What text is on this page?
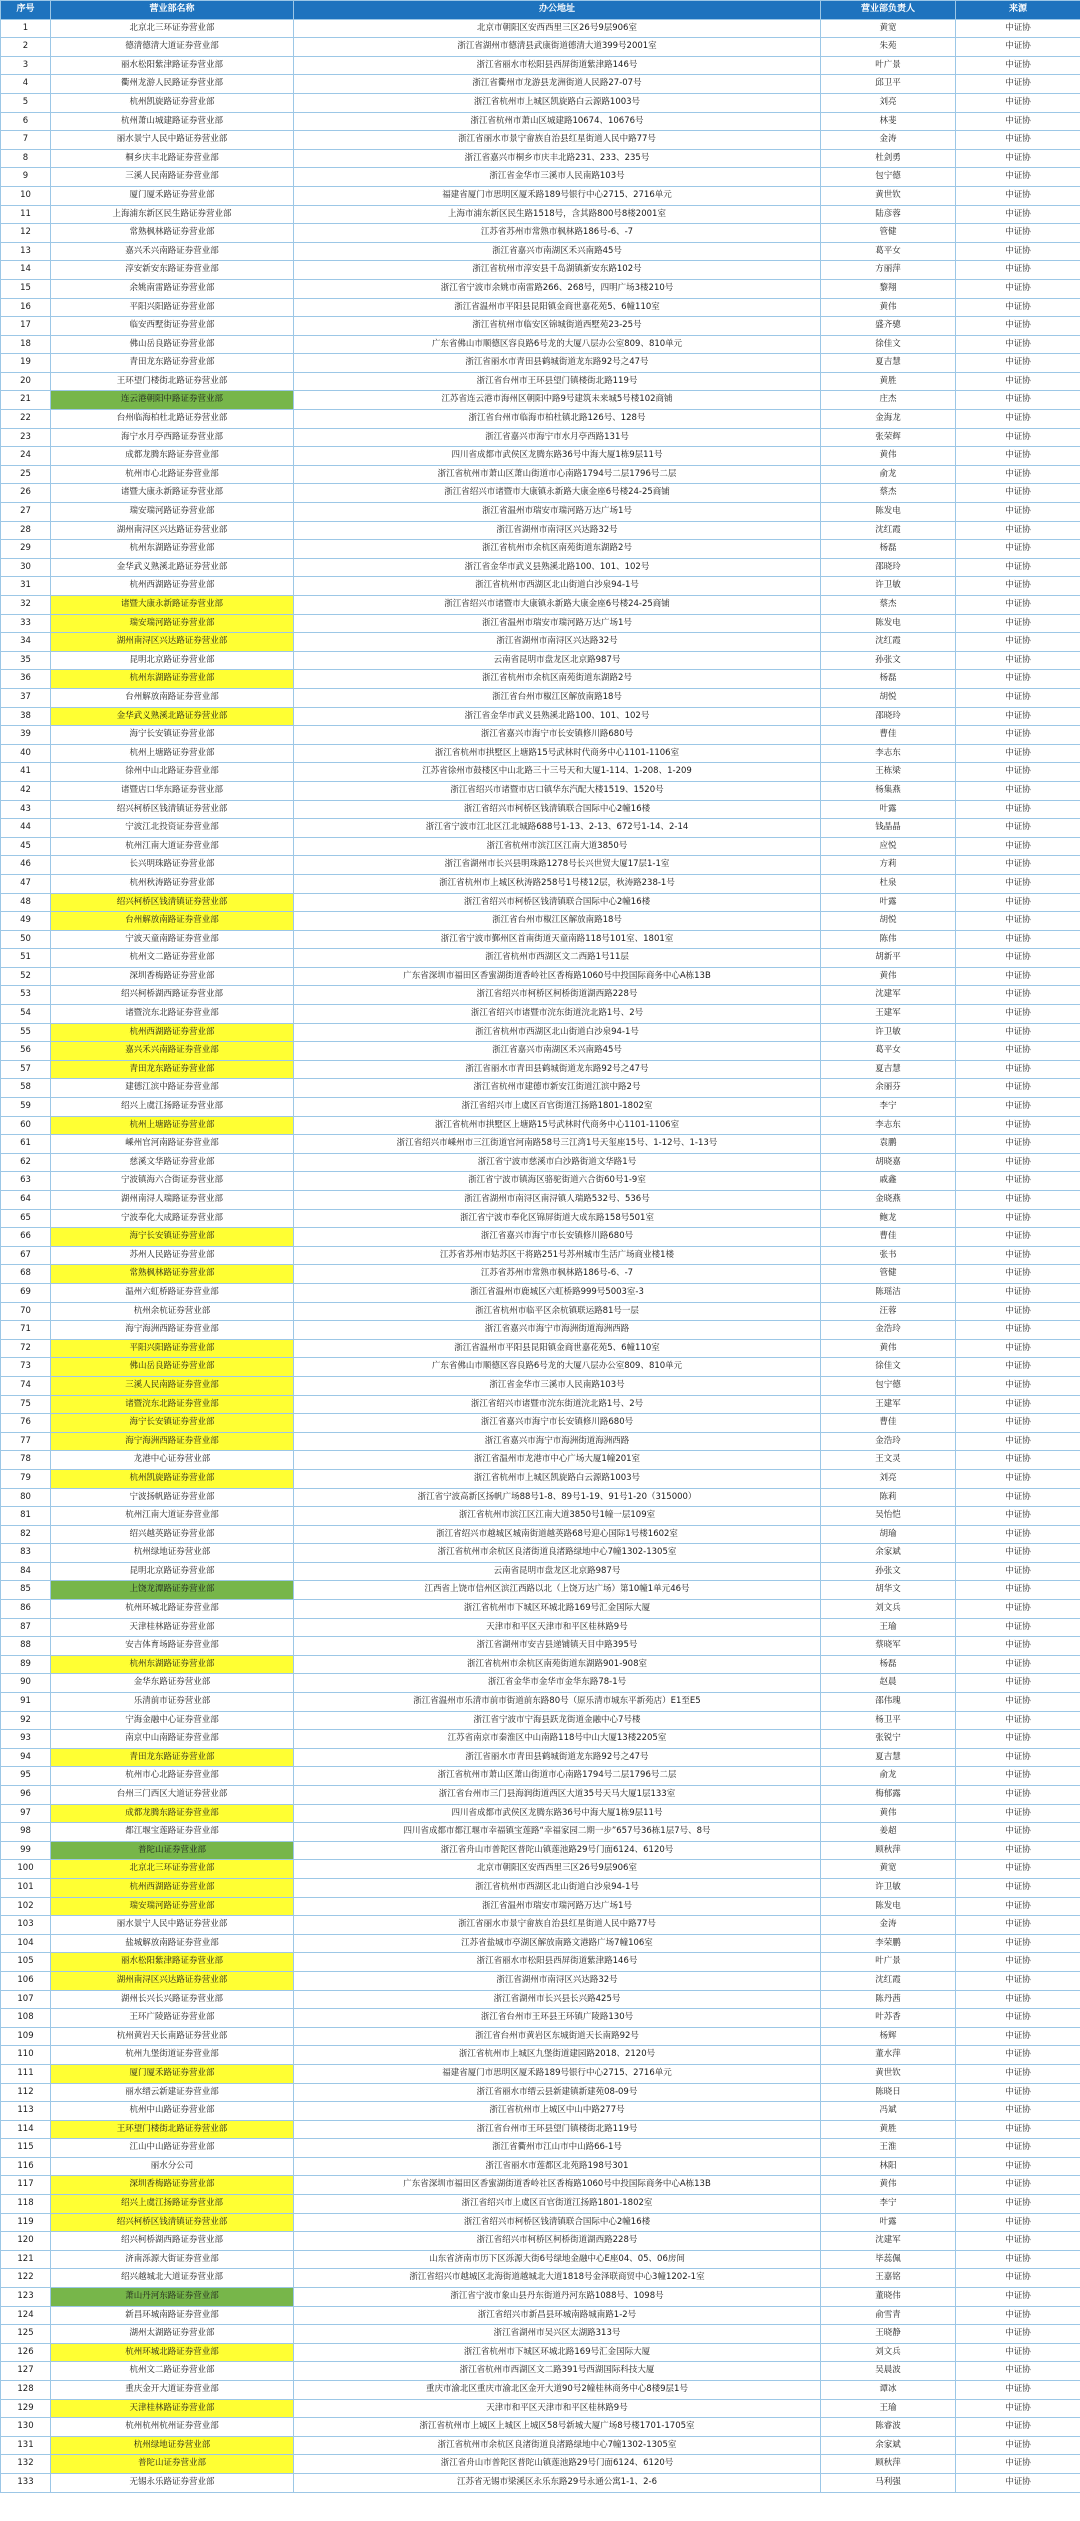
序号	营业部名称	办公地址	营业部负责人	来源
1	北京北三环证券营业部	北京市朝阳区安西西里三区26号9层906室	黄宽	中证协
2	德清德清大道证券营业部	浙江省湖州市德清县武康街道德清大道399号2001室	朱苑	中证协
3	丽水松阳紫津路证券营业部	浙江省丽水市松阳县西屏街道紫津路146号	叶广景	中证协
4	衢州龙游人民路证券营业部	浙江省衢州市龙游县龙洲街道人民路27-07号	邱卫平	中证协
5	杭州凯旋路证券营业部	浙江省杭州市上城区凯旋路白云源路1003号	刘亮	中证协
6	杭州萧山城建路证券营业部	浙江省杭州市萧山区城建路10674、10676号	林斐	中证协
7	丽水景宁人民中路证券营业部	浙江省丽水市景宁畲族自治县红星街道人民中路77号	金涛	中证协
8	桐乡庆丰北路证券营业部	浙江省嘉兴市桐乡市庆丰北路231、233、235号	杜剑勇	中证协
9	三溪人民南路证券营业部	浙江省金华市三溪市人民南路103号	包宁德	中证协
10	厦门厦禾路证券营业部	福建省厦门市思明区厦禾路189号银行中心2715、2716单元	黄世钦	中证协
11	上海浦东新区民生路证券营业部	上海市浦东新区民生路1518号，含其路800号8楼2001室	陆彦蓉	中证协
12	常熟枫林路证券营业部	江苏省苏州市常熟市枫林路186号-6、-7	管健	中证协
13	嘉兴禾兴南路证券营业部	浙江省嘉兴市南湖区禾兴南路45号	葛平女	中证协
14	淳安新安东路证券营业部	浙江省杭州市淳安县千岛湖镇新安东路102号	方丽萍	中证协
15	余姚南雷路证券营业部	浙江省宁波市余姚市南雷路266、268号，四明广场3楼210号	黎翔	中证协
16	平阳兴阳路证券营业部	浙江省温州市平阳县昆阳镇金商世嘉花苑5、6幢110室	黄伟	中证协
17	临安西墅街证券营业部	浙江省杭州市临安区锦城街道西墅苑23-25号	盛齐骢	中证协
18	佛山岳良路证券营业部	广东省佛山市顺德区容良路6号龙的大厦八层办公室809、810单元	徐佳文	中证协
19	青田龙东路证券营业部	浙江省丽水市青田县鹤城街道龙东路92号之47号	夏吉慧	中证协
20	王环望门楼街北路证券营业部	浙江省台州市王环县望门镇楼街北路119号	黄胜	中证协
21	连云港朝阳中路证券营业部	江苏省连云港市海州区朝阳中路9号建筑未来城5号楼102商铺	庄杰	中证协
22	台州临海柏杜北路证券营业部	浙江省台州市临海市柏杜镇北路126号、128号	金海龙	中证协
23	海宁水月亭西路证券营业部	浙江省嘉兴市海宁市水月亭西路131号	张荣辉	中证协
24	成都龙腾东路证券营业部	四川省成都市武侯区龙腾东路36号中海大厦1栋9层11号	黄伟	中证协
25	杭州市心北路证券营业部	浙江省杭州市萧山区萧山街道市心南路1794号二层1796号二层	俞龙	中证协
26	诸暨大康永新路证券营业部	浙江省绍兴市诸暨市大康镇永新路大康金座6号楼24-25商铺	蔡杰	中证协
27	瑞安瑞河路证券营业部	浙江省温州市瑞安市瑞河路万达广场1号	陈发电	中证协
28	湖州南浔区兴达路证券营业部	浙江省湖州市南浔区兴达路32号	沈红霞	中证协
29	杭州东湖路证券营业部	浙江省杭州市余杭区南苑街道东湖路2号	杨磊	中证协
30	金华武义熟溪北路证券营业部	浙江省金华市武义县熟溪北路100、101、102号	邵晓玲	中证协
31	杭州西湖路证券营业部	浙江省杭州市西湖区北山街道白沙泉94-1号	许卫敏	中证协
32	诸暨大康永新路证券营业部	浙江省绍兴市诸暨市大康镇永新路大康金座6号楼24-25商铺	蔡杰	中证协
33	瑞安瑞河路证券营业部	浙江省温州市瑞安市瑞河路万达广场1号	陈发电	中证协
34	湖州南浔区兴达路证券营业部	浙江省湖州市南浔区兴达路32号	沈红霞	中证协
35	昆明北京路证券营业部	云南省昆明市盘龙区北京路987号	孙张文	中证协
36	杭州东湖路证券营业部	浙江省杭州市余杭区南苑街道东湖路2号	杨磊	中证协
37	台州解放南路证券营业部	浙江省台州市椒江区解放南路18号	胡悦	中证协
38	金华武义熟溪北路证券营业部	浙江省金华市武义县熟溪北路100、101、102号	邵晓玲	中证协
39	海宁长安镇证券营业部	浙江省嘉兴市海宁市长安镇修川路680号	曹佳	中证协
40	杭州上塘路证券营业部	浙江省杭州市拱墅区上塘路15号武林时代商务中心1101-1106室	李志东	中证协
41	徐州中山北路证券营业部	江苏省徐州市鼓楼区中山北路三十三号天和大厦1-114、1-208、1-209	王栋梁	中证协
42	诸暨店口华东路证券营业部	浙江省绍兴市诸暨市店口镇华东汽配大楼1519、1520号	杨集燕	中证协
43	绍兴柯桥区钱清镇证券营业部	浙江省绍兴市柯桥区钱清镇联合国际中心2幢16楼	叶露	中证协
44	宁波江北投资证券营业部	浙江省宁波市江北区江北城路688号1-13、2-13、672号1-14、2-14	钱晶晶	中证协
45	杭州江南大道证券营业部	浙江省杭州市滨江区江南大道3850号	应悦	中证协
46	长兴明珠路证券营业部	浙江省湖州市长兴县明珠路1278号长兴世贸大厦17层1-1室	方莉	中证协
47	杭州秋涛路证券营业部	浙江省杭州市上城区秋涛路258号1号楼12层，秋涛路238-1号	杜泉	中证协
48	绍兴柯桥区钱清镇证券营业部	浙江省绍兴市柯桥区钱清镇联合国际中心2幢16楼	叶露	中证协
49	台州解放南路证券营业部	浙江省台州市椒江区解放南路18号	胡悦	中证协
50	宁波天童南路证券营业部	浙江省宁波市鄞州区首南街道天童南路118号101室、1801室	陈伟	中证协
51	杭州文二路证券营业部	浙江省杭州市西湖区文二西路1号11层	胡新平	中证协
52	深圳香梅路证券营业部	广东省深圳市福田区香蜜湖街道香岭社区香梅路1060号中投国际商务中心A栋13B	黄伟	中证协
53	绍兴柯桥湖西路证券营业部	浙江省绍兴市柯桥区柯桥街道湖西路228号	沈建军	中证协
54	诸暨浣东北路证券营业部	浙江省绍兴市诸暨市浣东街道浣北路1号、2号	王建军	中证协
55	杭州西湖路证券营业部	浙江省杭州市西湖区北山街道白沙泉94-1号	许卫敏	中证协
56	嘉兴禾兴南路证券营业部	浙江省嘉兴市南湖区禾兴南路45号	葛平女	中证协
57	青田龙东路证券营业部	浙江省丽水市青田县鹤城街道龙东路92号之47号	夏吉慧	中证协
58	建德江滨中路证券营业部	浙江省杭州市建德市新安江街道江滨中路2号	余丽芬	中证协
59	绍兴上虞江扬路证券营业部	浙江省绍兴市上虞区百官街道江扬路1801-1802室	李宁	中证协
60	杭州上塘路证券营业部	浙江省杭州市拱墅区上塘路15号武林时代商务中心1101-1106室	李志东	中证协
61	嵊州官河南路证券营业部	浙江省绍兴市嵊州市三江街道官河南路58号三江湾1号天玺座15号、1-12号、1-13号	袁鹏	中证协
62	慈溪文华路证券营业部	浙江省宁波市慈溪市白沙路街道文华路1号	胡晓嘉	中证协
63	宁波镇海六合街证券营业部	浙江省宁波市镇海区骆驼街道六合街60号1-9室	戚鑫	中证协
64	湖州南浔人瑞路证券营业部	浙江省湖州市南浔区南浔镇人瑞路532号、536号	金晓燕	中证协
65	宁波奉化大成路证券营业部	浙江省宁波市奉化区锦屏街道大成东路158号501室	鲍龙	中证协
66	海宁长安镇证券营业部	浙江省嘉兴市海宁市长安镇修川路680号	曹佳	中证协
67	苏州人民路证券营业部	江苏省苏州市姑苏区干将路251号苏州城市生活广场商业楼1楼	张书	中证协
68	常熟枫林路证券营业部	江苏省苏州市常熟市枫林路186号-6、-7	管健	中证协
69	温州六虹桥路证券营业部	浙江省温州市鹿城区六虹桥路999号5003室-3	陈瑶洁	中证协
70	杭州余杭证券营业部	浙江省杭州市临平区余杭镇联运路81号一层	汪蓉	中证协
71	海宁海洲西路证券营业部	浙江省嘉兴市海宁市海洲街道海洲西路	金浩玲	中证协
72	平阳兴阳路证券营业部	浙江省温州市平阳县昆阳镇金商世嘉花苑5、6幢110室	黄伟	中证协
73	佛山岳良路证券营业部	广东省佛山市顺德区容良路6号龙的大厦八层办公室809、810单元	徐佳文	中证协
74	三溪人民南路证券营业部	浙江省金华市三溪市人民南路103号	包宁德	中证协
75	诸暨浣东北路证券营业部	浙江省绍兴市诸暨市浣东街道浣北路1号、2号	王建军	中证协
76	海宁长安镇证券营业部	浙江省嘉兴市海宁市长安镇修川路680号	曹佳	中证协
77	海宁海洲西路证券营业部	浙江省嘉兴市海宁市海洲街道海洲西路	金浩玲	中证协
78	龙港中心证券营业部	浙江省温州市龙港市中心广场大厦1幢201室	王文灵	中证协
79	杭州凯旋路证券营业部	浙江省杭州市上城区凯旋路白云源路1003号	刘亮	中证协
80	宁波扬帆路证券营业部	浙江省宁波高新区扬帆广场88号1-8、89号1-19、91号1-20（315000）	陈莉	中证协
81	杭州江南大道证券营业部	浙江省杭州市滨江区江南大道3850号1幢一层109室	吴怡恺	中证协
82	绍兴越英路证券营业部	浙江省绍兴市越城区城南街道越英路68号迎心国际1号楼1602室	胡瑜	中证协
83	杭州绿地证券营业部	浙江省杭州市余杭区良渚街道良渚路绿地中心7幢1302-1305室	余家斌	中证协
84	昆明北京路证券营业部	云南省昆明市盘龙区北京路987号	孙张文	中证协
85	上饶龙潭路证券营业部	江西省上饶市信州区滨江西路以北（上饶万达广场）第10幢1单元46号	胡华文	中证协
86	杭州环城北路证券营业部	浙江省杭州市下城区环城北路169号汇金国际大厦	刘文兵	中证协
87	天津桂林路证券营业部	天津市和平区天津市和平区桂林路9号	王瑜	中证协
88	安吉体育场路证券营业部	浙江省湖州市安吉县递铺镇天目中路395号	蔡晓军	中证协
89	杭州东湖路证券营业部	浙江省杭州市余杭区南苑街道东湖路901-908室	杨磊	中证协
90	金华东路证券营业部	浙江省金华市金华市金华东路78-1号	赵晨	中证协
91	乐清前市证券营业部	浙江省温州市乐清市前市街道前东路80号（原乐清市城东平新苑店）E1至E5	邵伟瑰	中证协
92	宁海金融中心证券营业部	浙江省宁波市宁海县跃龙街道金融中心7号楼	杨卫平	中证协
93	南京中山南路证券营业部	江苏省南京市秦淮区中山南路118号中山大厦13楼2205室	张锐宁	中证协
94	青田龙东路证券营业部	浙江省丽水市青田县鹤城街道龙东路92号之47号	夏吉慧	中证协
95	杭州市心北路证券营业部	浙江省杭州市萧山区萧山街道市心南路1794号二层1796号二层	俞龙	中证协
96	台州三门西区大道证券营业部	浙江省台州市三门县海润街道西区大道35号天马大厦1层133室	梅郁露	中证协
97	成都龙腾东路证券营业部	四川省成都市武侯区龙腾东路36号中海大厦1栋9层11号	黄伟	中证协
98	都江堰宝莲路证券营业部	四川省成都市都江堰市幸福镇宝莲路“幸福家园二期一步”657号36栋1层7号、8号	姜超	中证协
99	普陀山证券营业部	浙江省舟山市普陀区普陀山镇莲池路29号门面6124、6120号	顾秋萍	中证协
100	北京北三环证券营业部	北京市朝阳区安西西里三区26号9层906室	黄宽	中证协
101	杭州西湖路证券营业部	浙江省杭州市西湖区北山街道白沙泉94-1号	许卫敏	中证协
102	瑞安瑞河路证券营业部	浙江省温州市瑞安市瑞河路万达广场1号	陈发电	中证协
103	丽水景宁人民中路证券营业部	浙江省丽水市景宁畲族自治县红星街道人民中路77号	金涛	中证协
104	盐城解放南路证券营业部	江苏省盐城市亭湖区解放南路文港路广场7幢106室	李荣鹏	中证协
105	丽水松阳紫津路证券营业部	浙江省丽水市松阳县西屏街道紫津路146号	叶广景	中证协
106	湖州南浔区兴达路证券营业部	浙江省湖州市南浔区兴达路32号	沈红霞	中证协
107	湖州长兴长兴路证券营业部	浙江省湖州市长兴县长兴路425号	陈丹茜	中证协
108	王环广陵路证券营业部	浙江省台州市王环县王环镇广陵路130号	叶苏香	中证协
109	杭州黄岩天长南路证券营业部	浙江省台州市黄岩区东城街道天长南路92号	杨辉	中证协
110	杭州九堡街道证券营业部	浙江省杭州市上城区九堡街道建园路2018、2120号	董水萍	中证协
111	厦门厦禾路证券营业部	福建省厦门市思明区厦禾路189号银行中心2715、2716单元	黄世钦	中证协
112	丽水缙云新建证券营业部	浙江省丽水市缙云县新建镇新建苑08-09号	陈晓日	中证协
113	杭州中山路证券营业部	浙江省杭州市上城区中山中路277号	冯斌	中证协
114	王环望门楼街北路证券营业部	浙江省台州市王环县望门镇楼街北路119号	黄胜	中证协
115	江山中山路证券营业部	浙江省衢州市江山市中山路66-1号	王淮	中证协
116	丽水分公司	浙江省丽水市莲都区北苑路198号301	林阳	中证协
117	深圳香梅路证券营业部	广东省深圳市福田区香蜜湖街道香岭社区香梅路1060号中投国际商务中心A栋13B	黄伟	中证协
118	绍兴上虞江扬路证券营业部	浙江省绍兴市上虞区百官街道江扬路1801-1802室	李宁	中证协
119	绍兴柯桥区钱清镇证券营业部	浙江省绍兴市柯桥区钱清镇联合国际中心2幢16楼	叶露	中证协
120	绍兴柯桥湖西路证券营业部	浙江省绍兴市柯桥区柯桥街道湖西路228号	沈建军	中证协
121	济南泺源大街证券营业部	山东省济南市历下区泺源大街6号绿地金融中心E座04、05、06房间	毕蕊佩	中证协
122	绍兴越城北大道证券营业部	浙江省绍兴市越城区北海街道越城北大道1818号金泽联商贸中心3幢1202-1室	王嘉铭	中证协
123	萧山丹河东路证券营业部	浙江省宁波市象山县丹东街道丹河东路1088号、1098号	董晓伟	中证协
124	新昌环城南路证券营业部	浙江省绍兴市新昌县环城南路城南路1-2号	俞雪青	中证协
125	湖州太湖路证券营业部	浙江省湖州市吴兴区太湖路313号	王晓静	中证协
126	杭州环城北路证券营业部	浙江省杭州市下城区环城北路169号汇金国际大厦	刘文兵	中证协
127	杭州文二路证券营业部	浙江省杭州市西湖区文二路391号西湖国际科技大厦	吴晨波	中证协
128	重庆金开大道证券营业部	重庆市渝北区重庆市渝北区金开大道90号2幢桂林商务中心8楼9层1号	谭冰	中证协
129	天津桂林路证券营业部	天津市和平区天津市和平区桂林路9号	王瑜	中证协
130	杭州杭州杭州证券营业部	浙江省杭州市上城区上城区上城区58号新城大厦广场8号楼1701-1705室	陈睿波	中证协
131	杭州绿地证券营业部	浙江省杭州市余杭区良渚街道良渚路绿地中心7幢1302-1305室	余家斌	中证协
132	普陀山证券营业部	浙江省舟山市普陀区普陀山镇莲池路29号门面6124、6120号	顾秋萍	中证协
133	无锡永乐路证券营业部	江苏省无锡市梁溪区永乐东路29号永通公寓1-1、2-6	马利强	中证协
